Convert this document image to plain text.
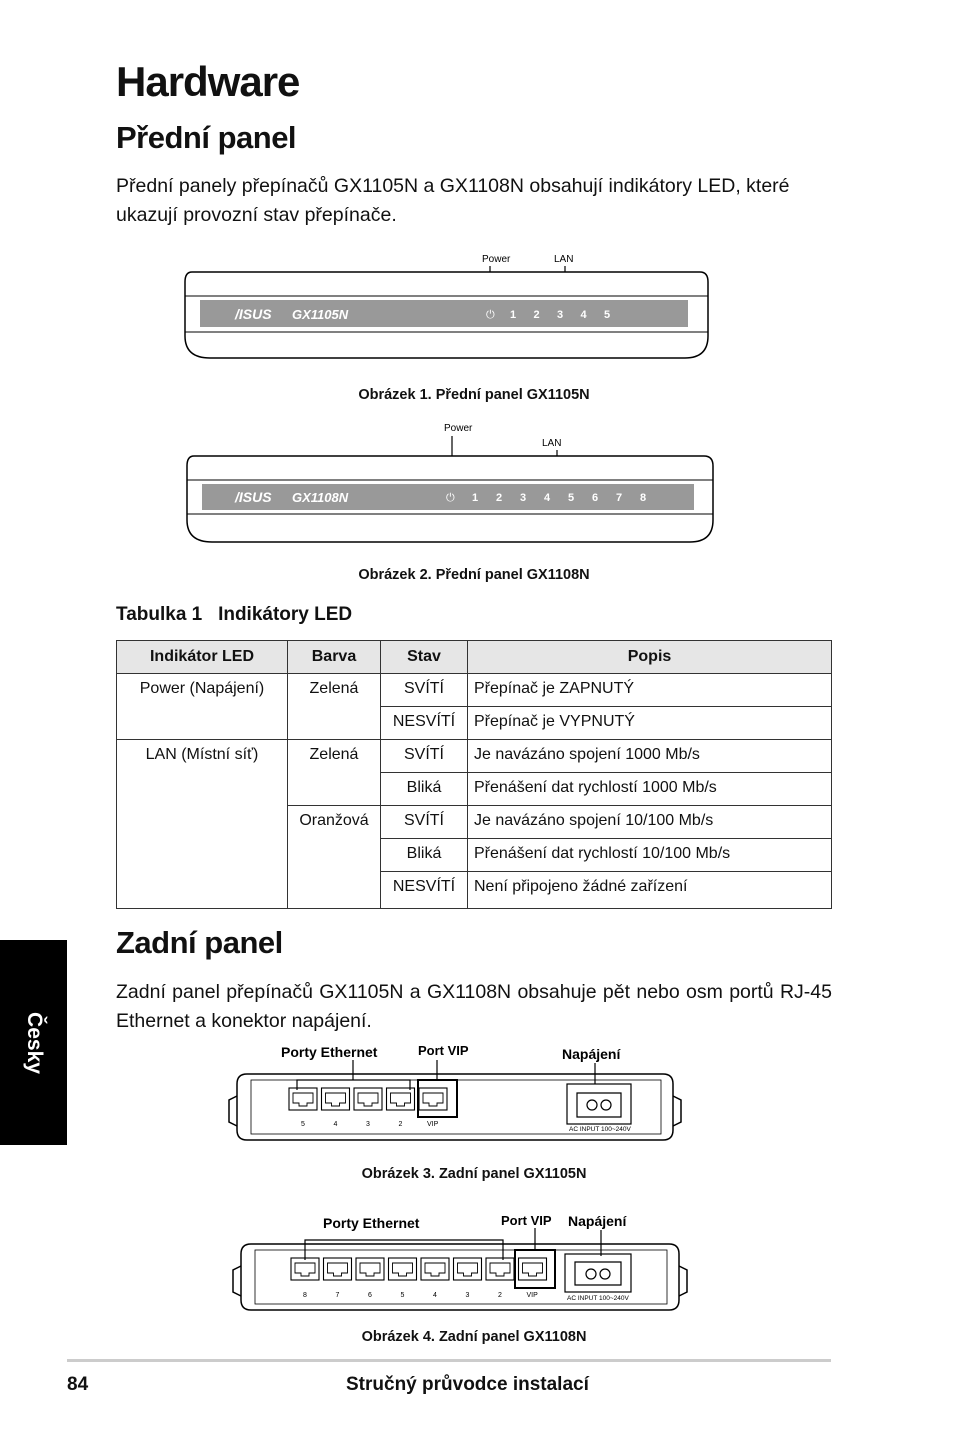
Hardware
Přední panel

Přední panely přepínačů GX1105N a GX1108N obsahují indikátory LED, které ukazují provozní stav přepínače.

Power	LAN
/ISUS GX1105N	⏻ 1 2 3 4 5
Obrázek 1. Přední panel GX1105N
Power
LAN
/ISUS GX1108N	⏻ 1 2 3 4 5 6 7 8
Obrázek 2. Přední panel GX1108N
Tabulka 1   Indikátory LED
Indikátor LED	Barva	Stav	Popis
Power (Napájení)	Zelená	SVÍTÍ	Přepínač je ZAPNUTÝ
		NESVÍTÍ	Přepínač je VYPNUTÝ
LAN (Místní síť)	Zelená	SVÍTÍ	Je navázáno spojení 1000 Mb/s
		Bliká	Přenášení dat rychlostí 1000 Mb/s
	Oranžová	SVÍTÍ	Je navázáno spojení 10/100 Mb/s
		Bliká	Přenášení dat rychlostí 10/100 Mb/s
		NESVÍTÍ	Není připojeno žádné zařízení
Zadní panel

Zadní panel přepínačů GX1105N a GX1108N obsahuje pět nebo osm portů RJ-45 Ethernet a konektor napájení.

Porty Ethernet	Port VIP	Napájení
5	4	3	2	VIP
AC INPUT 100~240V
Obrázek 3. Zadní panel GX1105N
Porty Ethernet	Port VIP Napájení
8	7	6	5	4	3	2	VIP	AC INPUT 100~240V
Obrázek 4. Zadní panel GX1108N
Česky
84	Stručný průvodce instalací
